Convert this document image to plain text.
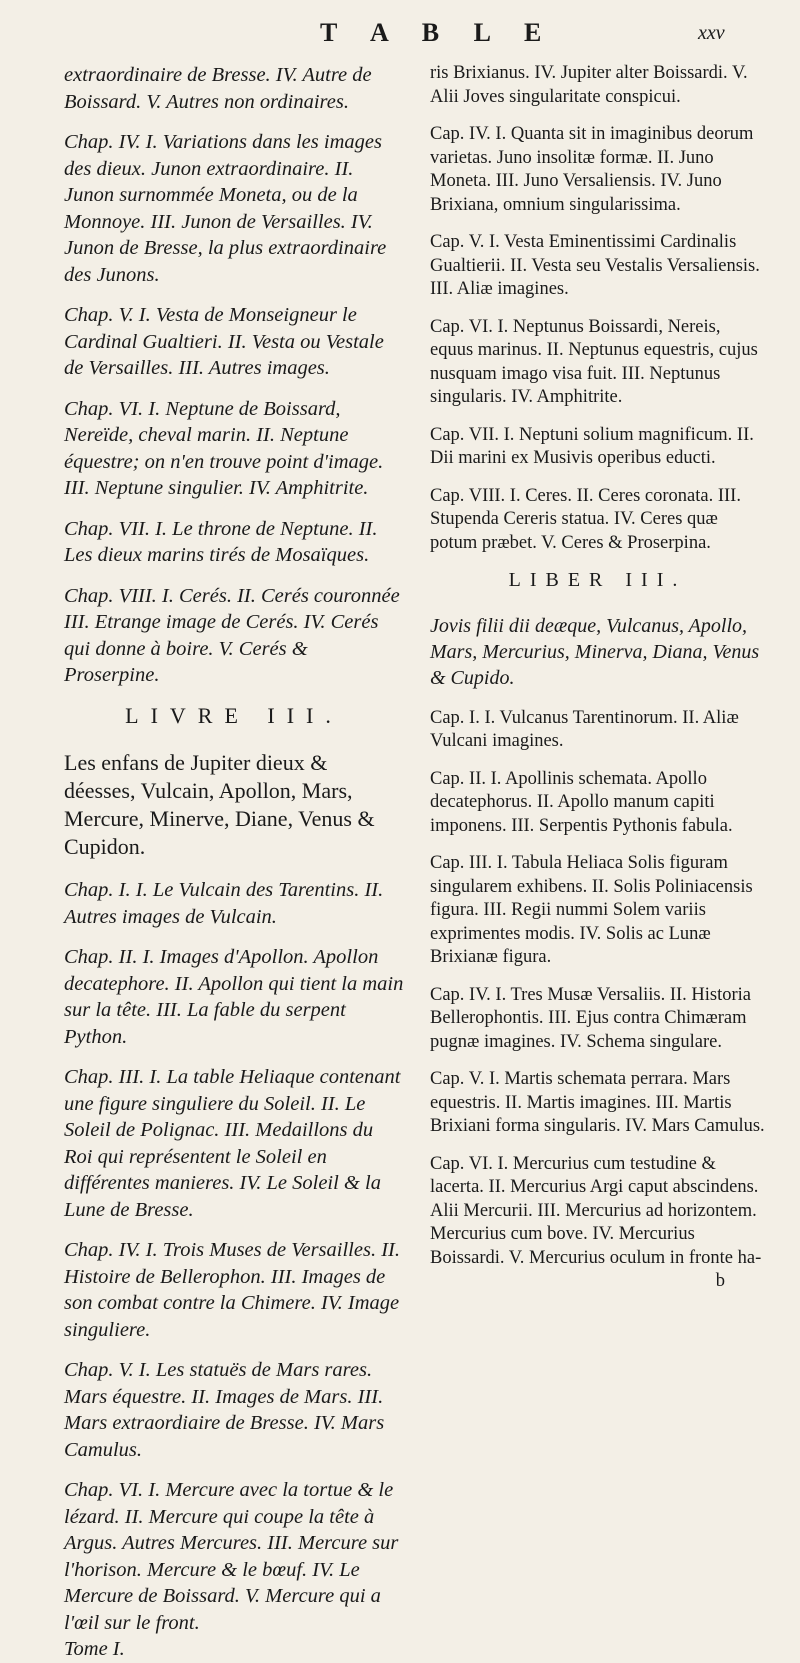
T A B L E	xxv
extraordinaire de Bresse. IV. Autre de Boissard. V. Autres non ordinaires.
Chap. IV. I. Variations dans les images des dieux. Junon extraordinaire. II. Junon surnommée Moneta, ou de la Monnoye. III. Junon de Versailles. IV. Junon de Bresse, la plus extraordinaire des Junons.
Chap. V. I. Vesta de Monseigneur le Cardinal Gualtieri. II. Vesta ou Vestale de Versailles. III. Autres images.
Chap. VI. I. Neptune de Boissard, Nereïde, cheval marin. II. Neptune équestre; on n'en trouve point d'image. III. Neptune singulier. IV. Amphitrite.
Chap. VII. I. Le throne de Neptune. II. Les dieux marins tirés de Mosaïques.
Chap. VIII. I. Cerés. II. Cerés couronnée III. Etrange image de Cerés. IV. Cerés qui donne à boire. V. Cerés & Proserpine.
LIVRE III.
Les enfans de Jupiter dieux & déesses, Vulcain, Apollon, Mars, Mercure, Minerve, Diane, Venus & Cupidon.
Chap. I. I. Le Vulcain des Tarentins. II. Autres images de Vulcain.
Chap. II. I. Images d'Apollon. Apollon decatephore. II. Apollon qui tient la main sur la tête. III. La fable du serpent Python.
Chap. III. I. La table Heliaque contenant une figure singuliere du Soleil. II. Le Soleil de Polignac. III. Medaillons du Roi qui représentent le Soleil en différentes manieres. IV. Le Soleil & la Lune de Bresse.
Chap. IV. I. Trois Muses de Versailles. II. Histoire de Bellerophon. III. Images de son combat contre la Chimere. IV. Image singuliere.
Chap. V. I. Les statuës de Mars rares. Mars équestre. II. Images de Mars. III. Mars extraordiaire de Bresse. IV. Mars Camulus.
Chap. VI. I. Mercure avec la tortue & le lézard. II. Mercure qui coupe la tête à Argus. Autres Mercures. III. Mercure sur l'horison. Mercure & le bœuf. IV. Le Mercure de Boissard. V. Mercure qui a l'œil sur le front.
Tome I.
ris Brixianus. IV. Jupiter alter Boissardi. V. Alii Joves singularitate conspicui.
Cap. IV. I. Quanta sit in imaginibus deorum varietas. Juno insolitæ formæ. II. Juno Moneta. III. Juno Versaliensis. IV. Juno Brixiana, omnium singularissima.
Cap. V. I. Vesta Eminentissimi Cardinalis Gualtierii. II. Vesta seu Vestalis Versaliensis. III. Aliæ imagines.
Cap. VI. I. Neptunus Boissardi, Nereis, equus marinus. II. Neptunus equestris, cujus nusquam imago visa fuit. III. Neptunus singularis. IV. Amphitrite.
Cap. VII. I. Neptuni solium magnificum. II. Dii marini ex Musivis operibus educti.
Cap. VIII. I. Ceres. II. Ceres coronata. III. Stupenda Cereris statua. IV. Ceres quæ potum præbet. V. Ceres & Proserpina.
LIBER III.
Jovis filii dii deæque, Vulcanus, Apollo, Mars, Mercurius, Minerva, Diana, Venus & Cupido.
Cap. I. I. Vulcanus Tarentinorum. II. Aliæ Vulcani imagines.
Cap. II. I. Apollinis schemata. Apollo decatephorus. II. Apollo manum capiti imponens. III. Serpentis Pythonis fabula.
Cap. III. I. Tabula Heliaca Solis figuram singularem exhibens. II. Solis Poliniacensis figura. III. Regii nummi Solem variis exprimentes modis. IV. Solis ac Lunæ Brixianæ figura.
Cap. IV. I. Tres Musæ Versaliis. II. Historia Bellerophontis. III. Ejus contra Chimæram pugnæ imagines. IV. Schema singulare.
Cap. V. I. Martis schemata perrara. Mars equestris. II. Martis imagines. III. Martis Brixiani forma singularis. IV. Mars Camulus.
Cap. VI. I. Mercurius cum testudine & lacerta. II. Mercurius Argi caput abscindens. Alii Mercurii. III. Mercurius ad horizontem. Mercurius cum bove. IV. Mercurius Boissardi. V. Mercurius oculum in fronte ha-
b
